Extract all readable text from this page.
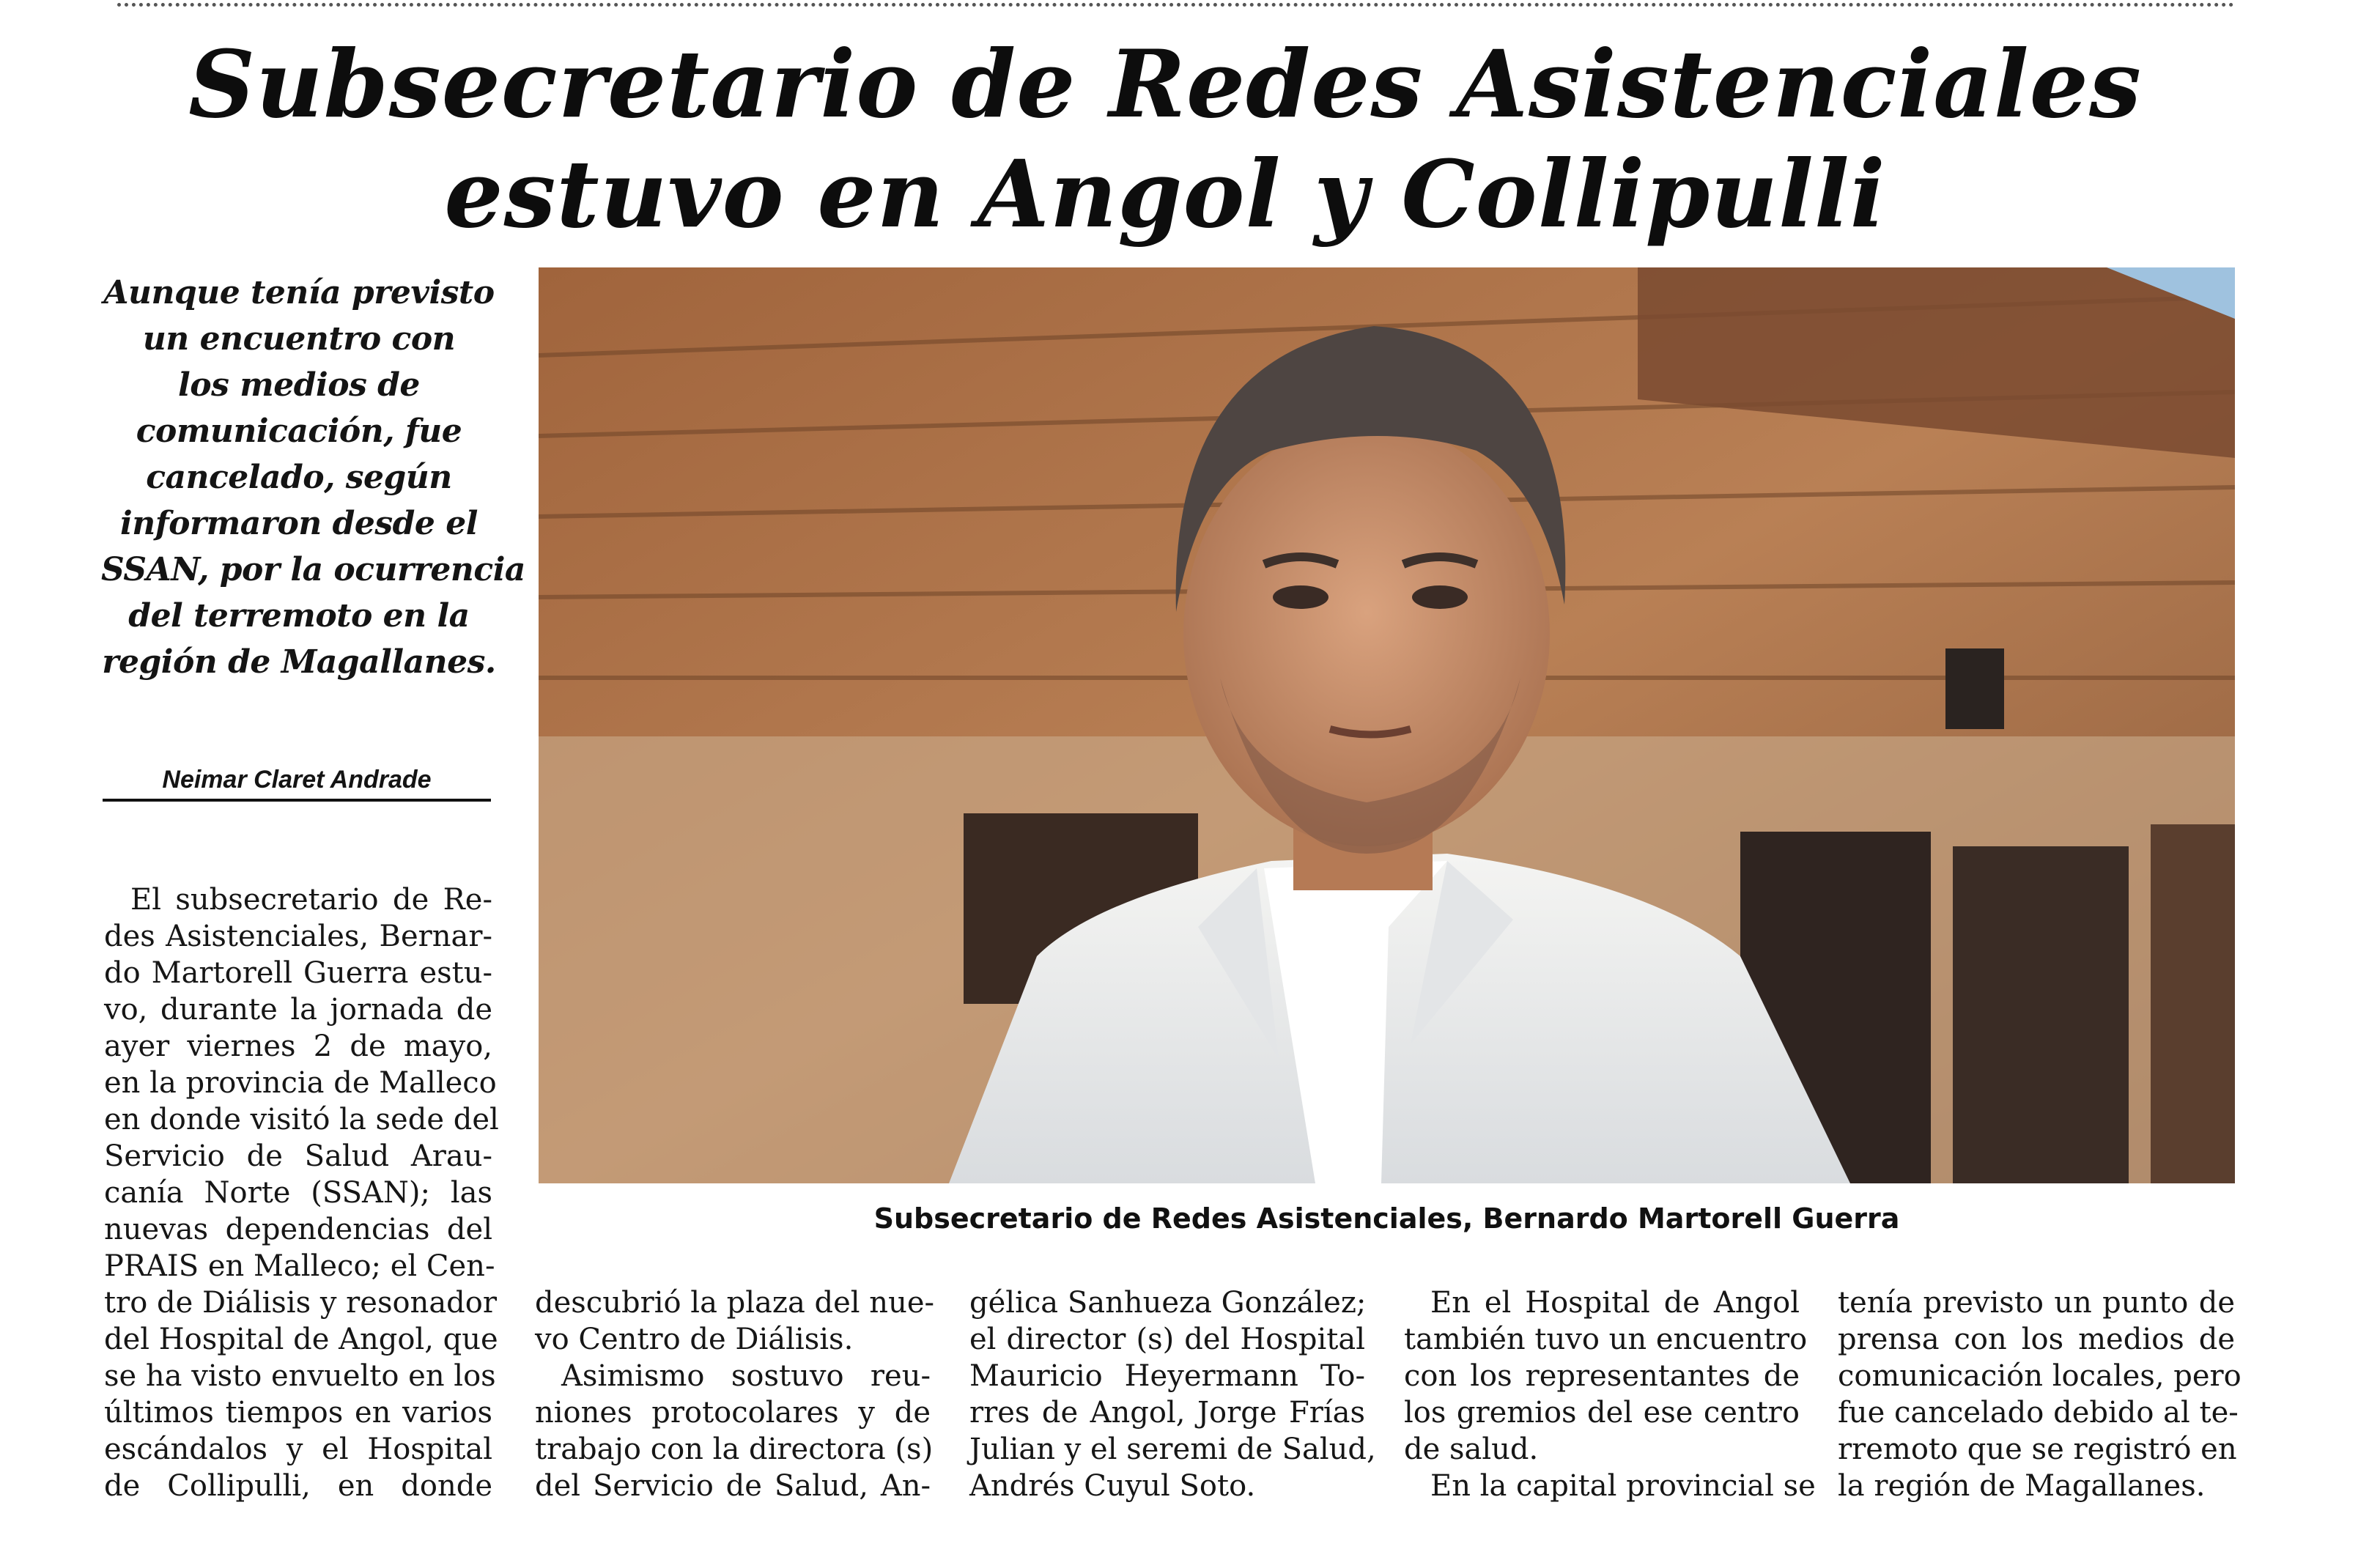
Subsecretario de Redes Asistenciales
estuvo en Angol y Collipulli
Aunque tenía previsto
un encuentro con
los medios de
comunicación, fue
cancelado, según
informaron desde el
SSAN, por la ocurrencia
del terremoto en la
región de Magallanes.
Neimar Claret Andrade
Subsecretario de Redes Asistenciales, Bernardo Martorell Guerra
El subsecretario de Re-
des Asistenciales, Bernar-
do Martorell Guerra estu-
vo, durante la jornada de
ayer viernes 2 de mayo,
en la provincia de Malleco
en donde visitó la sede del
Servicio de Salud Arau-
canía Norte (SSAN); las
nuevas dependencias del
PRAIS en Malleco; el Cen-
tro de Diálisis y resonador
del Hospital de Angol, que
se ha visto envuelto en los
últimos tiempos en varios
escándalos y el Hospital
de Collipulli, en donde
descubrió la plaza del nue-
vo Centro de Diálisis.
Asimismo sostuvo reu-
niones protocolares y de
trabajo con la directora (s)
del Servicio de Salud, An-
gélica Sanhueza González;
el director (s) del Hospital
Mauricio Heyermann To-
rres de Angol, Jorge Frías
Julian y el seremi de Salud,
Andrés Cuyul Soto.
En el Hospital de Angol
también tuvo un encuentro
con los representantes de
los gremios del ese centro
de salud.
En la capital provincial se
tenía previsto un punto de
prensa con los medios de
comunicación locales, pero
fue cancelado debido al te-
rremoto que se registró en
la región de Magallanes.
